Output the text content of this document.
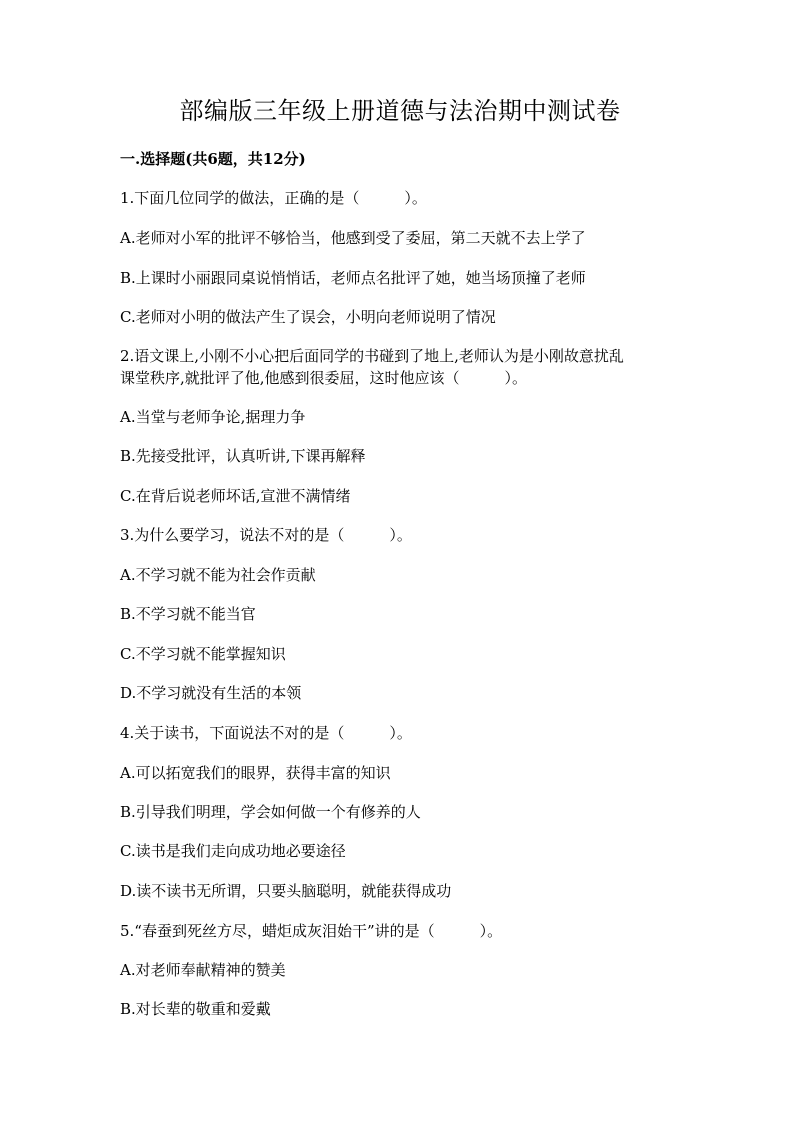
部编版三年级上册道德与法治期中测试卷
一.选择题(共6题，共12分)
1.下面几位同学的做法，正确的是（　　　）。
A.老师对小军的批评不够恰当，他感到受了委屈，第二天就不去上学了
B.上课时小丽跟同桌说悄悄话，老师点名批评了她，她当场顶撞了老师
C.老师对小明的做法产生了误会，小明向老师说明了情况
2.语文课上,小刚不小心把后面同学的书碰到了地上,老师认为是小刚故意扰乱
课堂秩序,就批评了他,他感到很委屈，这时他应该（　　　）。
A.当堂与老师争论,据理力争
B.先接受批评，认真听讲,下课再解释
C.在背后说老师坏话,宣泄不满情绪
3.为什么要学习，说法不对的是（　　　）。
A.不学习就不能为社会作贡献
B.不学习就不能当官
C.不学习就不能掌握知识
D.不学习就没有生活的本领
4.关于读书，下面说法不对的是（　　　）。
A.可以拓宽我们的眼界，获得丰富的知识
B.引导我们明理，学会如何做一个有修养的人
C.读书是我们走向成功地必要途径
D.读不读书无所谓，只要头脑聪明，就能获得成功
5.“春蚕到死丝方尽，蜡炬成灰泪始干”讲的是（　　　）。
A.对老师奉献精神的赞美
B.对长辈的敬重和爱戴
